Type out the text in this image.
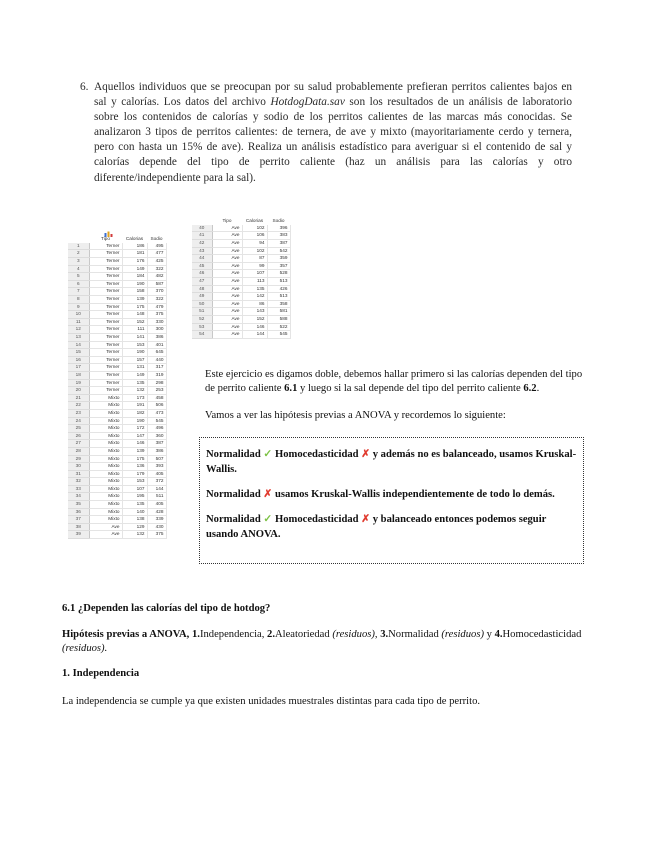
6. Aquellos individuos que se preocupan por su salud probablemente prefieran perritos calientes bajos en sal y calorías. Los datos del archivo HotdogData.sav son los resultados de un análisis de laboratorio sobre los contenidos de calorías y sodio de los perritos calientes de las marcas más conocidas. Se analizaron 3 tipos de perritos calientes: de ternera, de ave y mixto (mayoritariamente cerdo y ternera, pero con hasta un 15% de ave). Realiza un análisis estadístico para averiguar si el contenido de sal y calorías depende del tipo de perrito caliente (haz un análisis para las calorías y otro diferente/independiente para la sal).
	Tipo	Calorias	Sodio
1	Terner	186	495
2	Terner	181	477
3	Terner	176	425
4	Terner	149	322
5	Terner	184	482
6	Terner	190	587
7	Terner	158	370
8	Terner	139	322
9	Terner	175	479
10	Terner	148	375
11	Terner	152	330
12	Terner	111	300
13	Terner	141	386
14	Terner	153	401
15	Terner	190	645
16	Terner	157	440
17	Terner	131	317
18	Terner	149	319
19	Terner	135	298
20	Terner	132	253
21	Mixto	173	458
22	Mixto	191	506
23	Mixto	182	473
24	Mixto	190	545
25	Mixto	172	496
26	Mixto	147	360
27	Mixto	146	387
28	Mixto	139	386
29	Mixto	175	507
30	Mixto	136	393
31	Mixto	179	405
32	Mixto	153	372
33	Mixto	107	144
34	Mixto	195	511
35	Mixto	135	405
36	Mixto	140	428
37	Mixto	138	339
38	Ave	129	430
39	Ave	132	375
	Tipo	Calorias	Sodio
40	Ave	102	396
41	Ave	106	383
42	Ave	94	387
43	Ave	102	542
44	Ave	87	359
45	Ave	99	357
46	Ave	107	528
47	Ave	113	513
48	Ave	135	426
49	Ave	142	513
50	Ave	86	358
51	Ave	143	581
52	Ave	152	588
53	Ave	146	522
54	Ave	144	545

Este ejercicio es digamos doble, debemos hallar primero si las calorías dependen del tipo de perrito caliente 6.1 y luego si la sal depende del tipo del perrito caliente 6.2.

Vamos a ver las hipótesis previas a ANOVA y recordemos lo siguiente:

Normalidad ✓ Homocedasticidad ✗ y además no es balanceado, usamos Kruskal-Wallis.

Normalidad ✗ usamos Kruskal-Wallis independientemente de todo lo demás.

Normalidad ✓ Homocedasticidad ✗ y balanceado entonces podemos seguir usando ANOVA.

6.1 ¿Dependen las calorías del tipo de hotdog?
Hipótesis previas a ANOVA, 1.Independencia, 2.Aleatoriedad (residuos), 3.Normalidad (residuos) y 4.Homocedasticidad (residuos).
1. Independencia
La independencia se cumple ya que existen unidades muestrales distintas para cada tipo de perrito.
